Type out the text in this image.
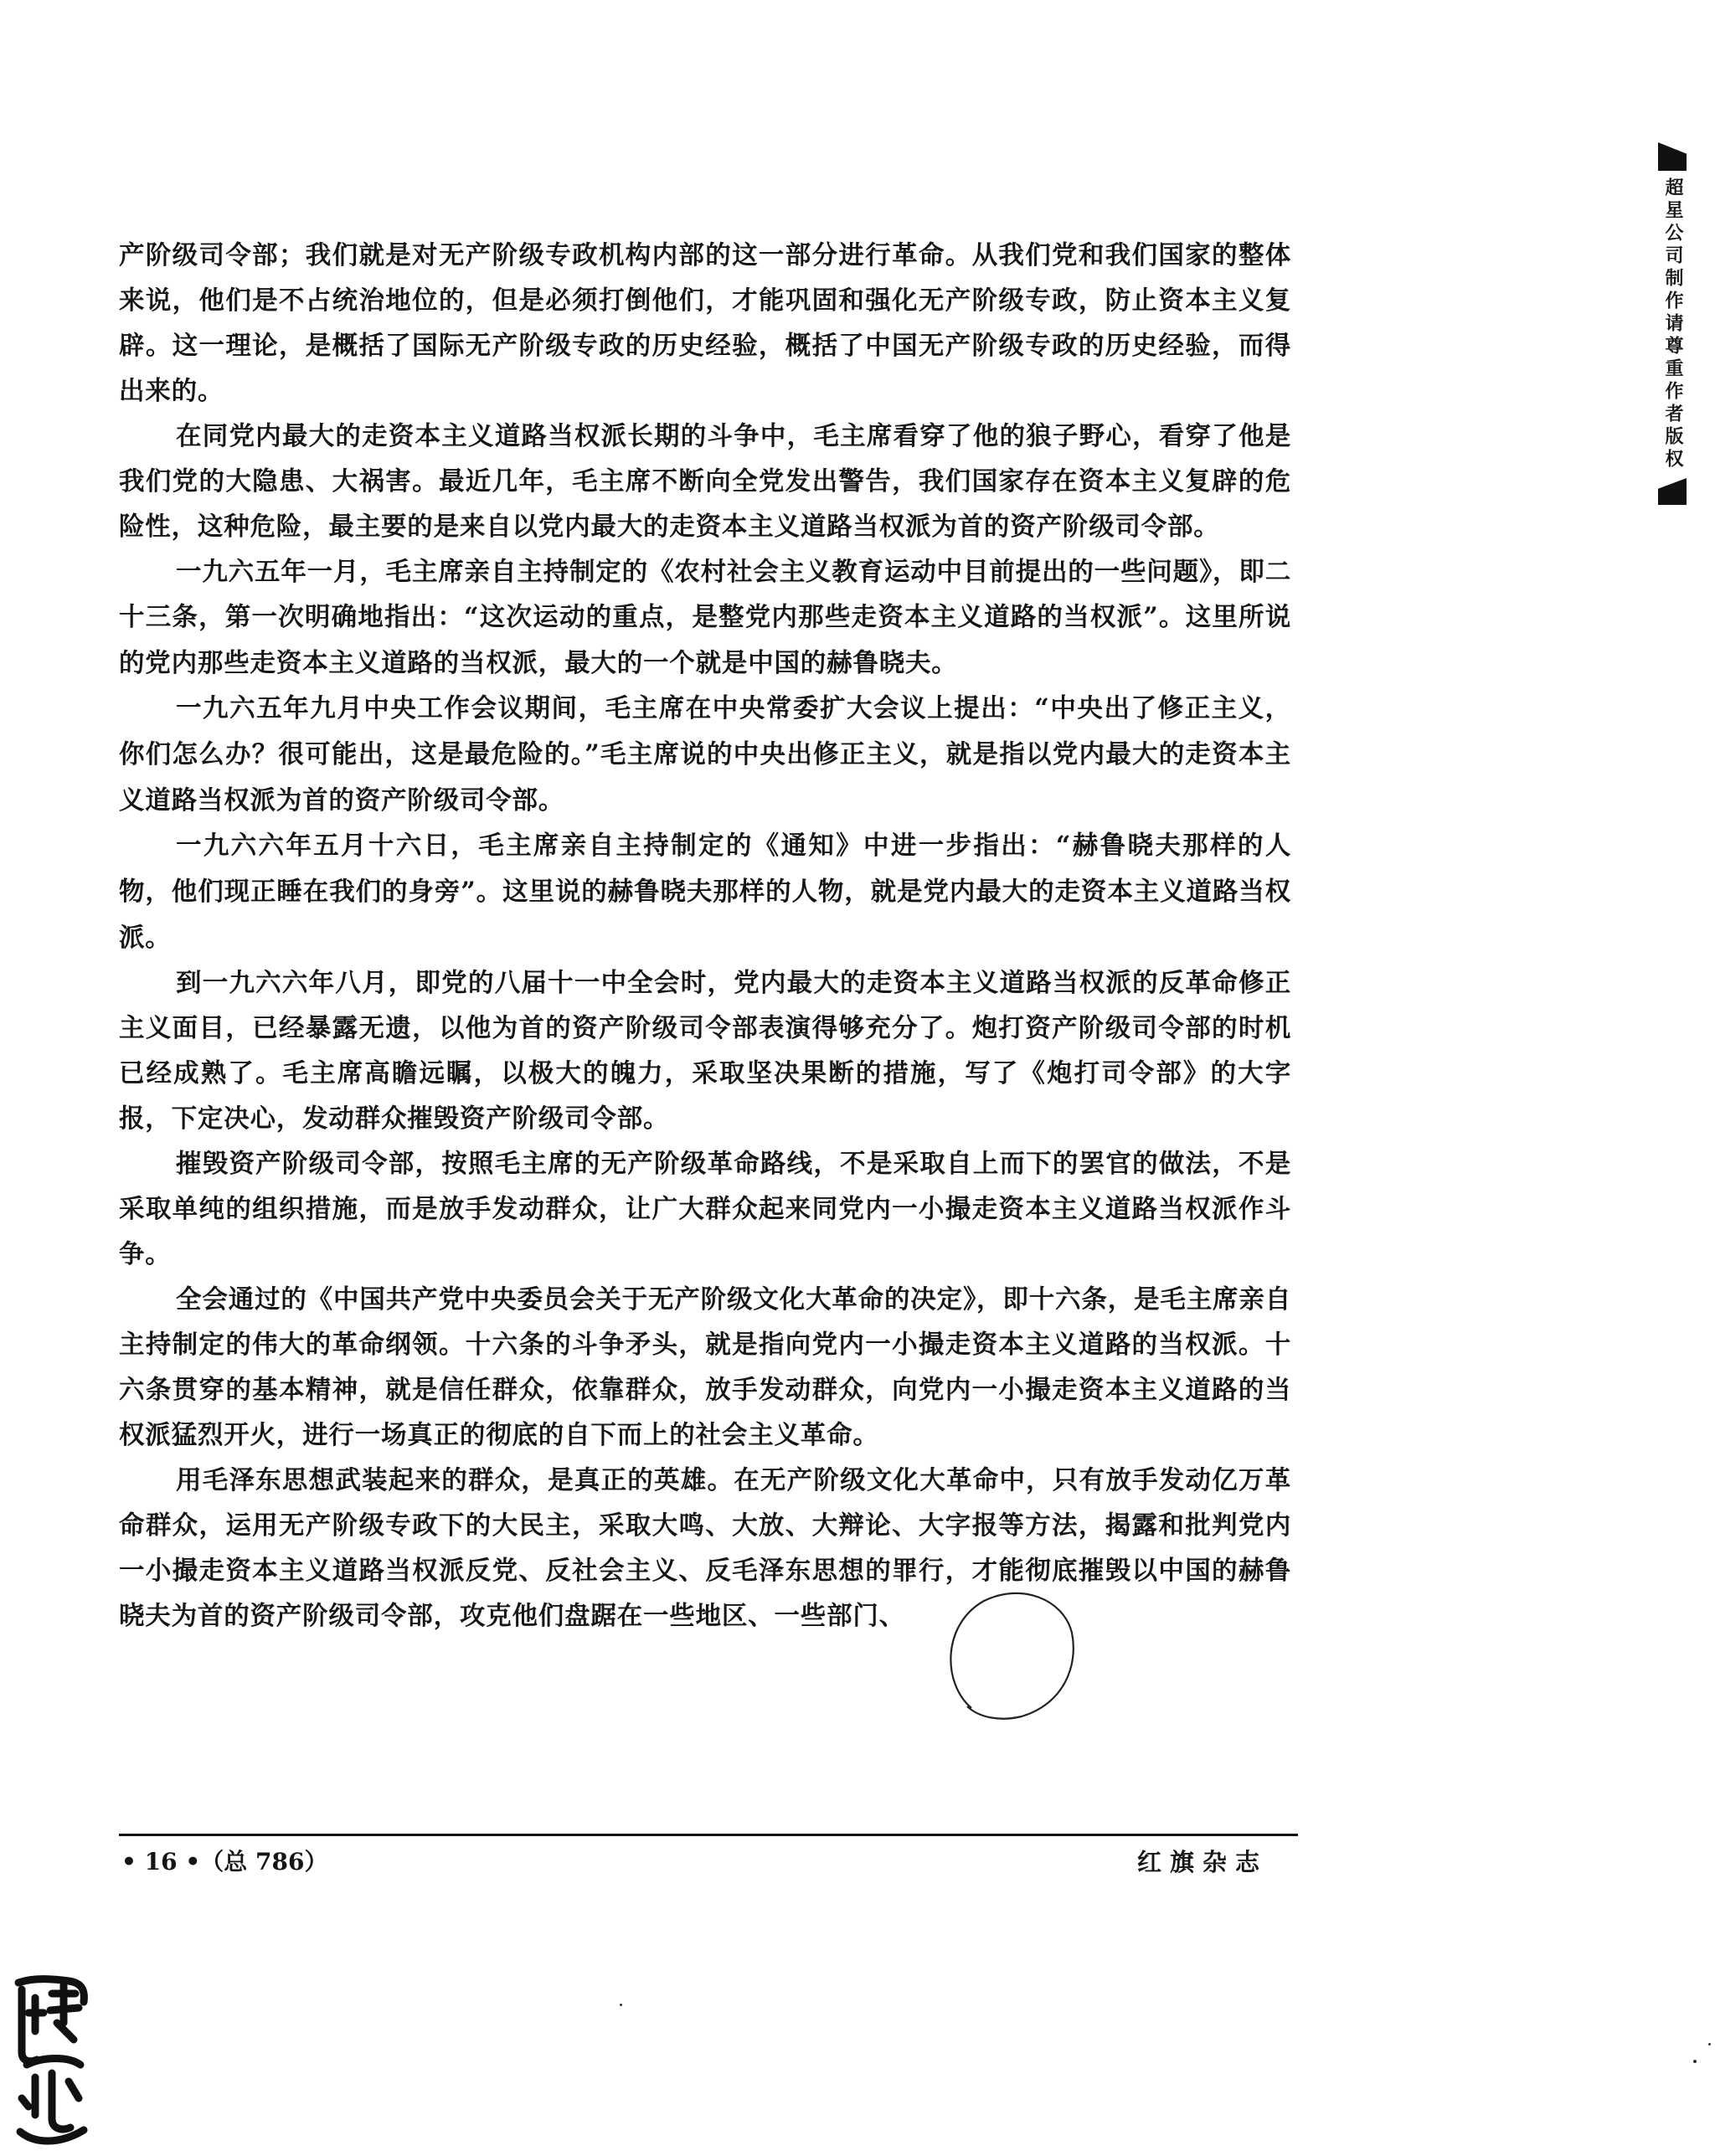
产阶级司令部；我们就是对无产阶级专政机构内部的这一部分进行革命。从我们党和我们国家的整体来说，他们是不占统治地位的，但是必须打倒他们，才能巩固和强化无产阶级专政，防止资本主义复辟。这一理论，是概括了国际无产阶级专政的历史经验，概括了中国无产阶级专政的历史经验，而得出来的。

在同党内最大的走资本主义道路当权派长期的斗争中，毛主席看穿了他的狼子野心，看穿了他是我们党的大隐患、大祸害。最近几年，毛主席不断向全党发出警告，我们国家存在资本主义复辟的危险性，这种危险，最主要的是来自以党内最大的走资本主义道路当权派为首的资产阶级司令部。

一九六五年一月，毛主席亲自主持制定的《农村社会主义教育运动中目前提出的一些问题》，即二十三条，第一次明确地指出：“这次运动的重点，是整党内那些走资本主义道路的当权派”。这里所说的党内那些走资本主义道路的当权派，最大的一个就是中国的赫鲁晓夫。

一九六五年九月中央工作会议期间，毛主席在中央常委扩大会议上提出：“中央出了修正主义，你们怎么办？很可能出，这是最危险的。”毛主席说的中央出修正主义，就是指以党内最大的走资本主义道路当权派为首的资产阶级司令部。

一九六六年五月十六日，毛主席亲自主持制定的《通知》中进一步指出：“赫鲁晓夫那样的人物，他们现正睡在我们的身旁”。这里说的赫鲁晓夫那样的人物，就是党内最大的走资本主义道路当权派。

到一九六六年八月，即党的八届十一中全会时，党内最大的走资本主义道路当权派的反革命修正主义面目，已经暴露无遗，以他为首的资产阶级司令部表演得够充分了。炮打资产阶级司令部的时机已经成熟了。毛主席高瞻远瞩，以极大的魄力，采取坚决果断的措施，写了《炮打司令部》的大字报，下定决心，发动群众摧毁资产阶级司令部。

摧毁资产阶级司令部，按照毛主席的无产阶级革命路线，不是采取自上而下的罢官的做法，不是采取单纯的组织措施，而是放手发动群众，让广大群众起来同党内一小撮走资本主义道路当权派作斗争。

全会通过的《中国共产党中央委员会关于无产阶级文化大革命的决定》，即十六条，是毛主席亲自主持制定的伟大的革命纲领。十六条的斗争矛头，就是指向党内一小撮走资本主义道路的当权派。十六条贯穿的基本精神，就是信任群众，依靠群众，放手发动群众，向党内一小撮走资本主义道路的当权派猛烈开火，进行一场真正的彻底的自下而上的社会主义革命。

用毛泽东思想武装起来的群众，是真正的英雄。在无产阶级文化大革命中，只有放手发动亿万革命群众，运用无产阶级专政下的大民主，采取大鸣、大放、大辩论、大字报等方法，揭露和批判党内一小撮走资本主义道路当权派反党、反社会主义、反毛泽东思想的罪行，才能彻底摧毁以中国的赫鲁晓夫为首的资产阶级司令部，攻克他们盘踞在一些地区、一些部门、

• 16 •（总 786）	红旗杂志
超星公司制作请尊重作者版权
